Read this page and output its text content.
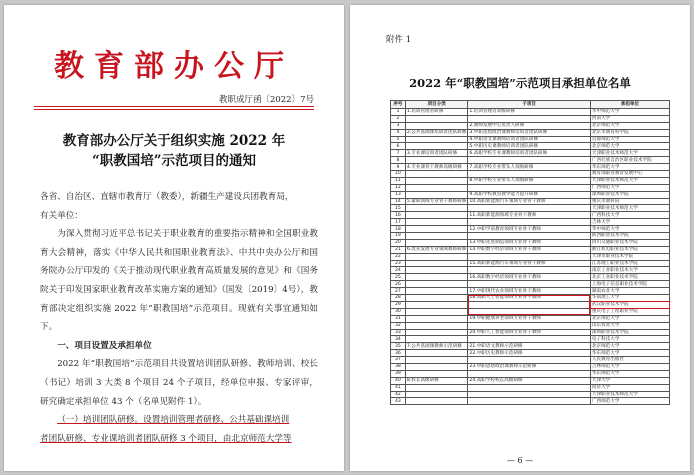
教育部办公厅
教职成厅函〔2022〕7号
教育部办公厅关于组织实施 2022 年
“职教国培”示范项目的通知

各省、自治区、直辖市教育厅（教委），新疆生产建设兵团教育局，

有关单位：

为深入贯彻习近平总书记关于职业教育的重要指示精神和全国职业教育大会精神，落实《中华人民共和国职业教育法》、中共中央办公厅和国务院办公厅印发的《关于推动现代职业教育高质量发展的意见》和《国务院关于印发国家职业教育改革实施方案的通知》（国发〔2019〕4号），教育部决定组织实施 2022 年“职教国培”示范项目。现就有关事宜通知如下。

一、项目设置及承担单位

2022 年“职教国培”示范项目共设置培训团队研修、教师培训、校长（书记）培训 3 大类 8 个项目 24 个子项目，经单位申报、专家评审，研究确定承担单位 43 个（名单见附件 1）。

（一）培训团队研修。设置培训管理者研修、公共基础课培训

者团队研修、专业课培训者团队研修 3 个项目，由北京师范大学等

附件 1
2022 年“职教国培”示范项目承担单位名单
序号	项目分类	子项目	承担单位
1	1.培训管理者研修	1.培训管理者高级研修	华中师范大学
2			西南大学
3		2.教师发展中心负责人研修	北京师范大学
4	2.公共基础课培训者团队研修	3.中职思想政治课教师培训者团队研修	北京市教育科学院
5		4.中职语文课教师培训者团队研修	首都师范大学
6		5.中职历史课教师培训者团队研修	北京师范大学
7	3.专业课培训者团队研修	6.高职学校专业课教师培训者团队研修	天津职业技术师范大学
8			广西壮族自治区职业技术学院
9	4.专业课骨干教师高级研修	7.高职学校专业带头人领航研修	华东师范大学
10			教育部职业教育发展中心
11		8.中职学校专业带头人领航研修	天津职业技术师范大学
12			广西师范大学
13		9.高职学校教育教学能力提升研修	深圳职业技术学院
14	5.紧缺领域专业骨干教师研修	10.高职新能源汽车领域专业骨干教师	重庆市教科院
15			天津职业技术师范大学
16		11.高职新能源领域专业骨干教师	广西科技大学
17			吉林大学
18		12.中职学前教育领域专业骨干教师	华中师范大学
19			陕西职业技术学院
20		13.中职先进制造领域专业骨干教师	四川交通职业技术学院
21	6.优先发展专业领域教师研修	14.中职数字经济领域专业骨干教师	浙江机电职业技术学院
22			天津市职业技术学院
23		15.高职新能源汽车领域专业骨干教师	江苏理工职业技术学院
24			南京工业职业技术大学
25		16.高职数字经济领域专业骨干教师	北京工业职业技术学院
26			上海电子信息职业技术学院
27		17.中职现代农业领域专业骨干教师	湖南农业大学
28		18.高职人工智能领域专业骨干教师	华南理工大学
29			武汉职业技术学院
30			重庆电子工程职业学院
31		19.中职健康养老领域专业骨干教师	北京师范大学
32			山东农业大学
33		20.中职人工智能领域专业骨干教师	深圳职业技术学院
34			电子科技大学
35	7.公共基础课教师示范研修	21.中职语文教师示范研修	北京师范大学
36		22.中职历史教师示范研修	华东师范大学
37			人民教育出版社
38		23.中职思想政治课教师示范研修	吉林师范大学
39			华东师范大学
40	8.校长高级研修	24.高职学校校长高级研修	天津大学
41			同济大学
42			天津职业技术师范大学
43			广西师范大学
— 6 —
